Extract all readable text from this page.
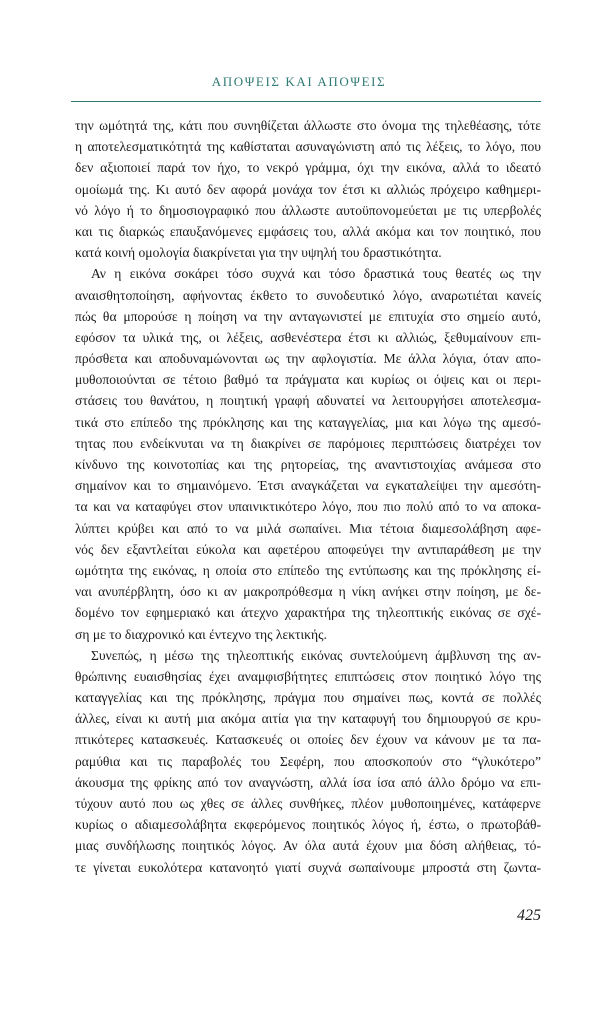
ΑΠΟΨΕΙΣ ΚΑΙ ΑΠΟΨΕΙΣ
την ωμότητά της, κάτι που συνηθίζεται άλλωστε στο όνομα της τηλεθέασης, τότε
η αποτελεσματικότητά της καθίσταται ασυναγώνιστη από τις λέξεις, το λόγο, που
δεν αξιοποιεί παρά τον ήχο, το νεκρό γράμμα, όχι την εικόνα, αλλά το ιδεατό
ομοίωμά της. Κι αυτό δεν αφορά μονάχα τον έτσι κι αλλιώς πρόχειρο καθημερι-
νό λόγο ή το δημοσιογραφικό που άλλωστε αυτοϋπονομεύεται με τις υπερβολές
και τις διαρκώς επαυξανόμενες εμφάσεις του, αλλά ακόμα και τον ποιητικό, που
κατά κοινή ομολογία διακρίνεται για την υψηλή του δραστικότητα.
Αν η εικόνα σοκάρει τόσο συχνά και τόσο δραστικά τους θεατές ως την
αναισθητοποίηση, αφήνοντας έκθετο το συνοδευτικό λόγο, αναρωτιέται κανείς
πώς θα μπορούσε η ποίηση να την ανταγωνιστεί με επιτυχία στο σημείο αυτό,
εφόσον τα υλικά της, οι λέξεις, ασθενέστερα έτσι κι αλλιώς, ξεθυμαίνουν επι-
πρόσθετα και αποδυναμώνονται ως την αφλογιστία. Με άλλα λόγια, όταν απο-
μυθοποιούνται σε τέτοιο βαθμό τα πράγματα και κυρίως οι όψεις και οι περι-
στάσεις του θανάτου, η ποιητική γραφή αδυνατεί να λειτουργήσει αποτελεσμα-
τικά στο επίπεδο της πρόκλησης και της καταγγελίας, μια και λόγω της αμεσό-
τητας που ενδείκνυται να τη διακρίνει σε παρόμοιες περιπτώσεις διατρέχει τον
κίνδυνο της κοινοτοπίας και της ρητορείας, της αναντιστοιχίας ανάμεσα στο
σημαίνον και το σημαινόμενο. Έτσι αναγκάζεται να εγκαταλείψει την αμεσότη-
τα και να καταφύγει στον υπαινικτικότερο λόγο, που πιο πολύ από το να αποκα-
λύπτει κρύβει και από το να μιλά σωπαίνει. Μια τέτοια διαμεσολάβηση αφε-
νός δεν εξαντλείται εύκολα και αφετέρου αποφεύγει την αντιπαράθεση με την
ωμότητα της εικόνας, η οποία στο επίπεδο της εντύπωσης και της πρόκλησης εί-
ναι ανυπέρβλητη, όσο κι αν μακροπρόθεσμα η νίκη ανήκει στην ποίηση, με δε-
δομένο τον εφημεριακό και άτεχνο χαρακτήρα της τηλεοπτικής εικόνας σε σχέ-
ση με το διαχρονικό και έντεχνο της λεκτικής.
Συνεπώς, η μέσω της τηλεοπτικής εικόνας συντελούμενη άμβλυνση της αν-
θρώπινης ευαισθησίας έχει αναμφισβήτητες επιπτώσεις στον ποιητικό λόγο της
καταγγελίας και της πρόκλησης, πράγμα που σημαίνει πως, κοντά σε πολλές
άλλες, είναι κι αυτή μια ακόμα αιτία για την καταφυγή του δημιουργού σε κρυ-
πτικότερες κατασκευές. Κατασκευές οι οποίες δεν έχουν να κάνουν με τα πα-
ραμύθια και τις παραβολές του Σεφέρη, που αποσκοπούν στο “γλυκότερο”
άκουσμα της φρίκης από τον αναγνώστη, αλλά ίσα ίσα από άλλο δρόμο να επι-
τύχουν αυτό που ως χθες σε άλλες συνθήκες, πλέον μυθοποιημένες, κατάφερνε
κυρίως ο αδιαμεσολάβητα εκφερόμενος ποιητικός λόγος ή, έστω, ο πρωτοβάθ-
μιας συνδήλωσης ποιητικός λόγος. Αν όλα αυτά έχουν μια δόση αλήθειας, τό-
τε γίνεται ευκολότερα κατανοητό γιατί συχνά σωπαίνουμε μπροστά στη ζωντα-
425
